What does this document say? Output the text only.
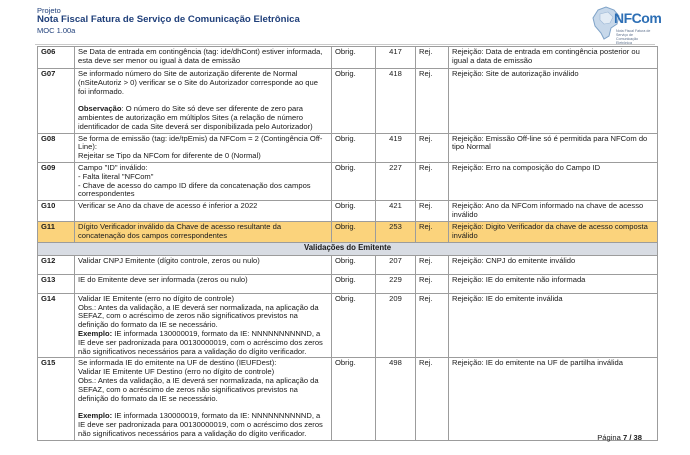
Projeto
Nota Fiscal Fatura de Serviço de Comunicação Eletrônica
MOC 1.00a
NFCom
Nota Fiscal Fatura de Serviço de Comunicação Eletrônica
G06	Se Data de entrada em contingência (tag: ide/dhCont) estiver informada, esta deve ser menor ou igual à data de emissão	Obrig.	417	Rej.	Rejeição: Data de entrada em contingência posterior ou igual a data de emissão
G07	Se informado número do Site de autorização diferente de Normal (nSiteAutoriz > 0) verificar se o Site do Autorizador corresponde ao que foi informado.

Observação: O número do Site só deve ser diferente de zero para ambientes de autorização em múltiplos Sites (a relação de número identificador de cada Site deverá ser disponibilizada pelo Autorizador)	Obrig.	418	Rej.	Rejeição: Site de autorização inválido
G08	Se forma de emissão (tag: ide/tpEmis) da NFCom = 2 (Contingência Off-Line):

Rejeitar se Tipo da NFCom for diferente de 0 (Normal)	Obrig.	419	Rej.	Rejeição: Emissão Off-line só é permitida para NFCom do tipo Normal
G09	Campo "ID" inválido:

- Falta literal "NFCom"

- Chave de acesso do campo ID difere da concatenação dos campos correspondentes	Obrig.	227	Rej.	Rejeição: Erro na composição do Campo ID
G10	Verificar se Ano da chave de acesso é inferior a 2022	Obrig.	421	Rej.	Rejeição: Ano da NFCom informado na chave de acesso inválido
G11	Dígito Verificador inválido da Chave de acesso resultante da concatenação dos campos correspondentes	Obrig.	253	Rej.	Rejeição: Digito Verificador da chave de acesso composta inválido
Validações do Emitente					
G12	Validar CNPJ Emitente (dígito controle, zeros ou nulo)	Obrig.	207	Rej.	Rejeição: CNPJ do emitente inválido
G13	IE do Emitente deve ser informada (zeros ou nulo)	Obrig.	229	Rej.	Rejeição: IE do emitente não informada
G14	Validar IE Emitente (erro no dígito de controle)

Obs.: Antes da validação, a IE deverá ser normalizada, na aplicação da SEFAZ, com o acréscimo de zeros não significativos previstos na definição do formato da IE se necessário.

Exemplo: IE informada 130000019, formato da IE: NNNNNNNNNND, a IE deve ser padronizada para 00130000019, com o acréscimo dos zeros não significativos necessários para a validação do dígito verificador.	Obrig.	209	Rej.	Rejeição: IE do emitente inválida
G15	Se informada IE do emitente na UF de destino (IEUFDest):

Validar IE Emitente UF Destino (erro no dígito de controle)

Obs.: Antes da validação, a IE deverá ser normalizada, na aplicação da SEFAZ, com o acréscimo de zeros não significativos previstos na definição do formato da IE se necessário.

Exemplo: IE informada 130000019, formato da IE: NNNNNNNNNND, a IE deve ser padronizada para 00130000019, com o acréscimo dos zeros não significativos necessários para a validação do dígito verificador.	Obrig.	498	Rej.	Rejeição: IE do emitente na UF de partilha inválida
Página 7 / 38
